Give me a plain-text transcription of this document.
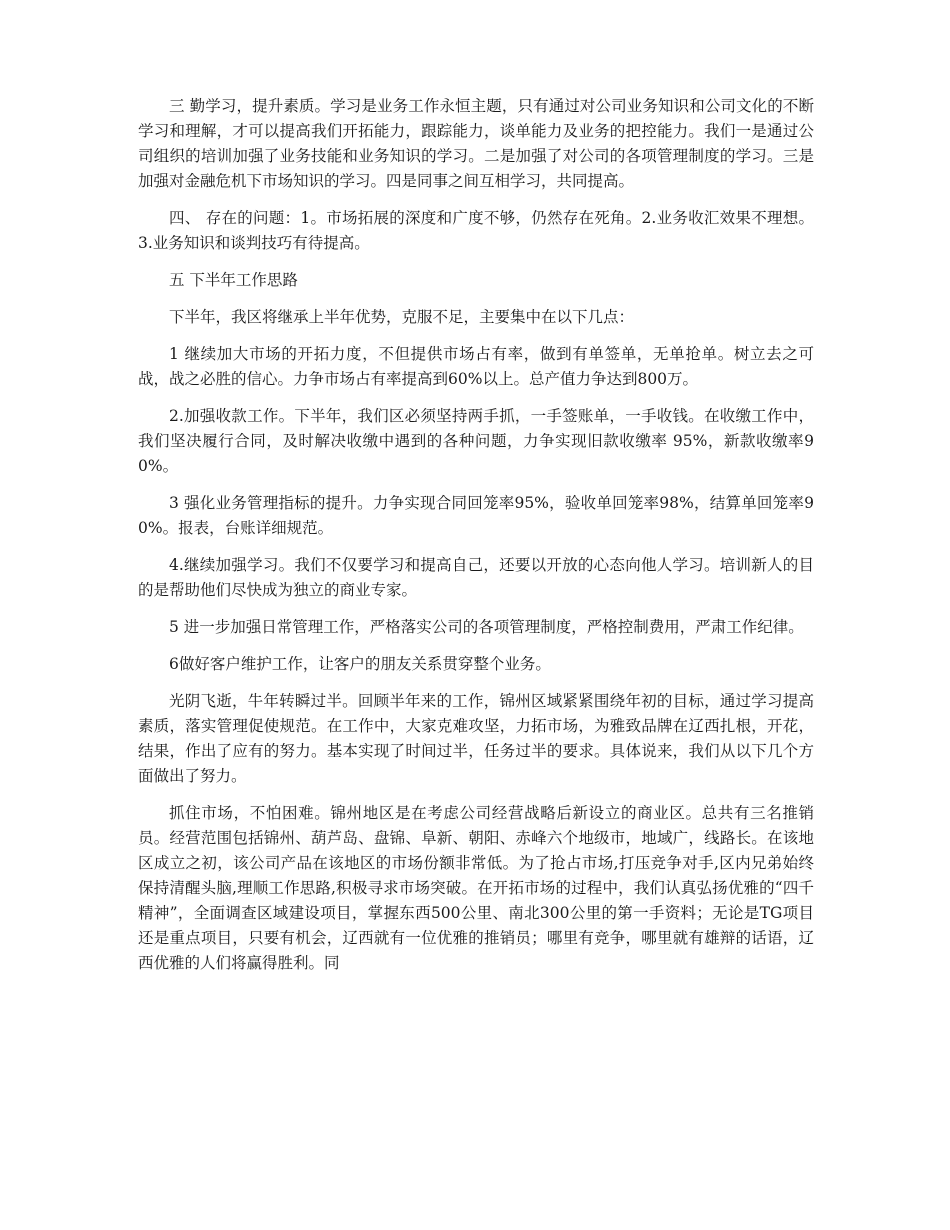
三 勤学习，提升素质。学习是业务工作永恒主题，只有通过对公司业务知识和公司文化的不断学习和理解，才可以提高我们开拓能力，跟踪能力，谈单能力及业务的把控能力。我们一是通过公司组织的培训加强了业务技能和业务知识的学习。二是加强了对公司的各项管理制度的学习。三是加强对金融危机下市场知识的学习。四是同事之间互相学习，共同提高。

四、 存在的问题：1。市场拓展的深度和广度不够，仍然存在死角。2.业务收汇效果不理想。3.业务知识和谈判技巧有待提高。

五 下半年工作思路

下半年，我区将继承上半年优势，克服不足，主要集中在以下几点：

1 继续加大市场的开拓力度，不但提供市场占有率，做到有单签单，无单抢单。树立去之可战，战之必胜的信心。力争市场占有率提高到60%以上。总产值力争达到800万。

2.加强收款工作。下半年，我们区必须坚持两手抓，一手签账单，一手收钱。在收缴工作中，我们坚决履行合同，及时解决收缴中遇到的各种问题，力争实现旧款收缴率 95%，新款收缴率90%。

3 强化业务管理指标的提升。力争实现合同回笼率95%，验收单回笼率98%，结算单回笼率90%。报表，台账详细规范。

4.继续加强学习。我们不仅要学习和提高自己，还要以开放的心态向他人学习。培训新人的目的是帮助他们尽快成为独立的商业专家。

5 进一步加强日常管理工作，严格落实公司的各项管理制度，严格控制费用，严肃工作纪律。

6做好客户维护工作，让客户的朋友关系贯穿整个业务。

光阴飞逝，牛年转瞬过半。回顾半年来的工作，锦州区域紧紧围绕年初的目标，通过学习提高素质，落实管理促使规范。在工作中，大家克难攻坚，力拓市场，为雅致品牌在辽西扎根，开花，结果，作出了应有的努力。基本实现了时间过半，任务过半的要求。具体说来，我们从以下几个方面做出了努力。

抓住市场，不怕困难。锦州地区是在考虑公司经营战略后新设立的商业区。总共有三名推销员。经营范围包括锦州、葫芦岛、盘锦、阜新、朝阳、赤峰六个地级市，地域广，线路长。在该地区成立之初，该公司产品在该地区的市场份额非常低。为了抢占市场,打压竞争对手,区内兄弟始终保持清醒头脑,理顺工作思路,积极寻求市场突破。在开拓市场的过程中，我们认真弘扬优雅的“四千精神”，全面调查区域建设项目，掌握东西500公里、南北300公里的第一手资料；无论是TG项目还是重点项目，只要有机会，辽西就有一位优雅的推销员；哪里有竞争，哪里就有雄辩的话语，辽西优雅的人们将赢得胜利。同
